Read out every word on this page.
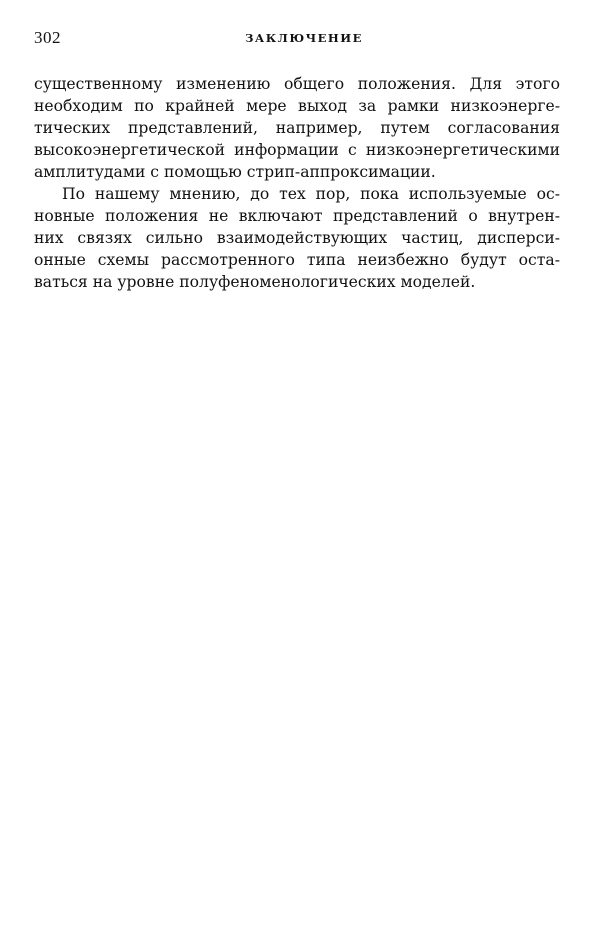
302	ЗАКЛЮЧЕНИЕ
существенному изменению общего положения. Для этого
необходим по крайней мере выход за рамки низкоэнерге-
тических представлений, например, путем согласования
высокоэнергетической информации с низкоэнергетическими
амплитудами с помощью стрип-аппроксимации.
По нашему мнению, до тех пор, пока используемые ос-
новные положения не включают представлений о внутрен-
них связях сильно взаимодействующих частиц, дисперси-
онные схемы рассмотренного типа неизбежно будут оста-
ваться на уровне полуфеноменологических моделей.
